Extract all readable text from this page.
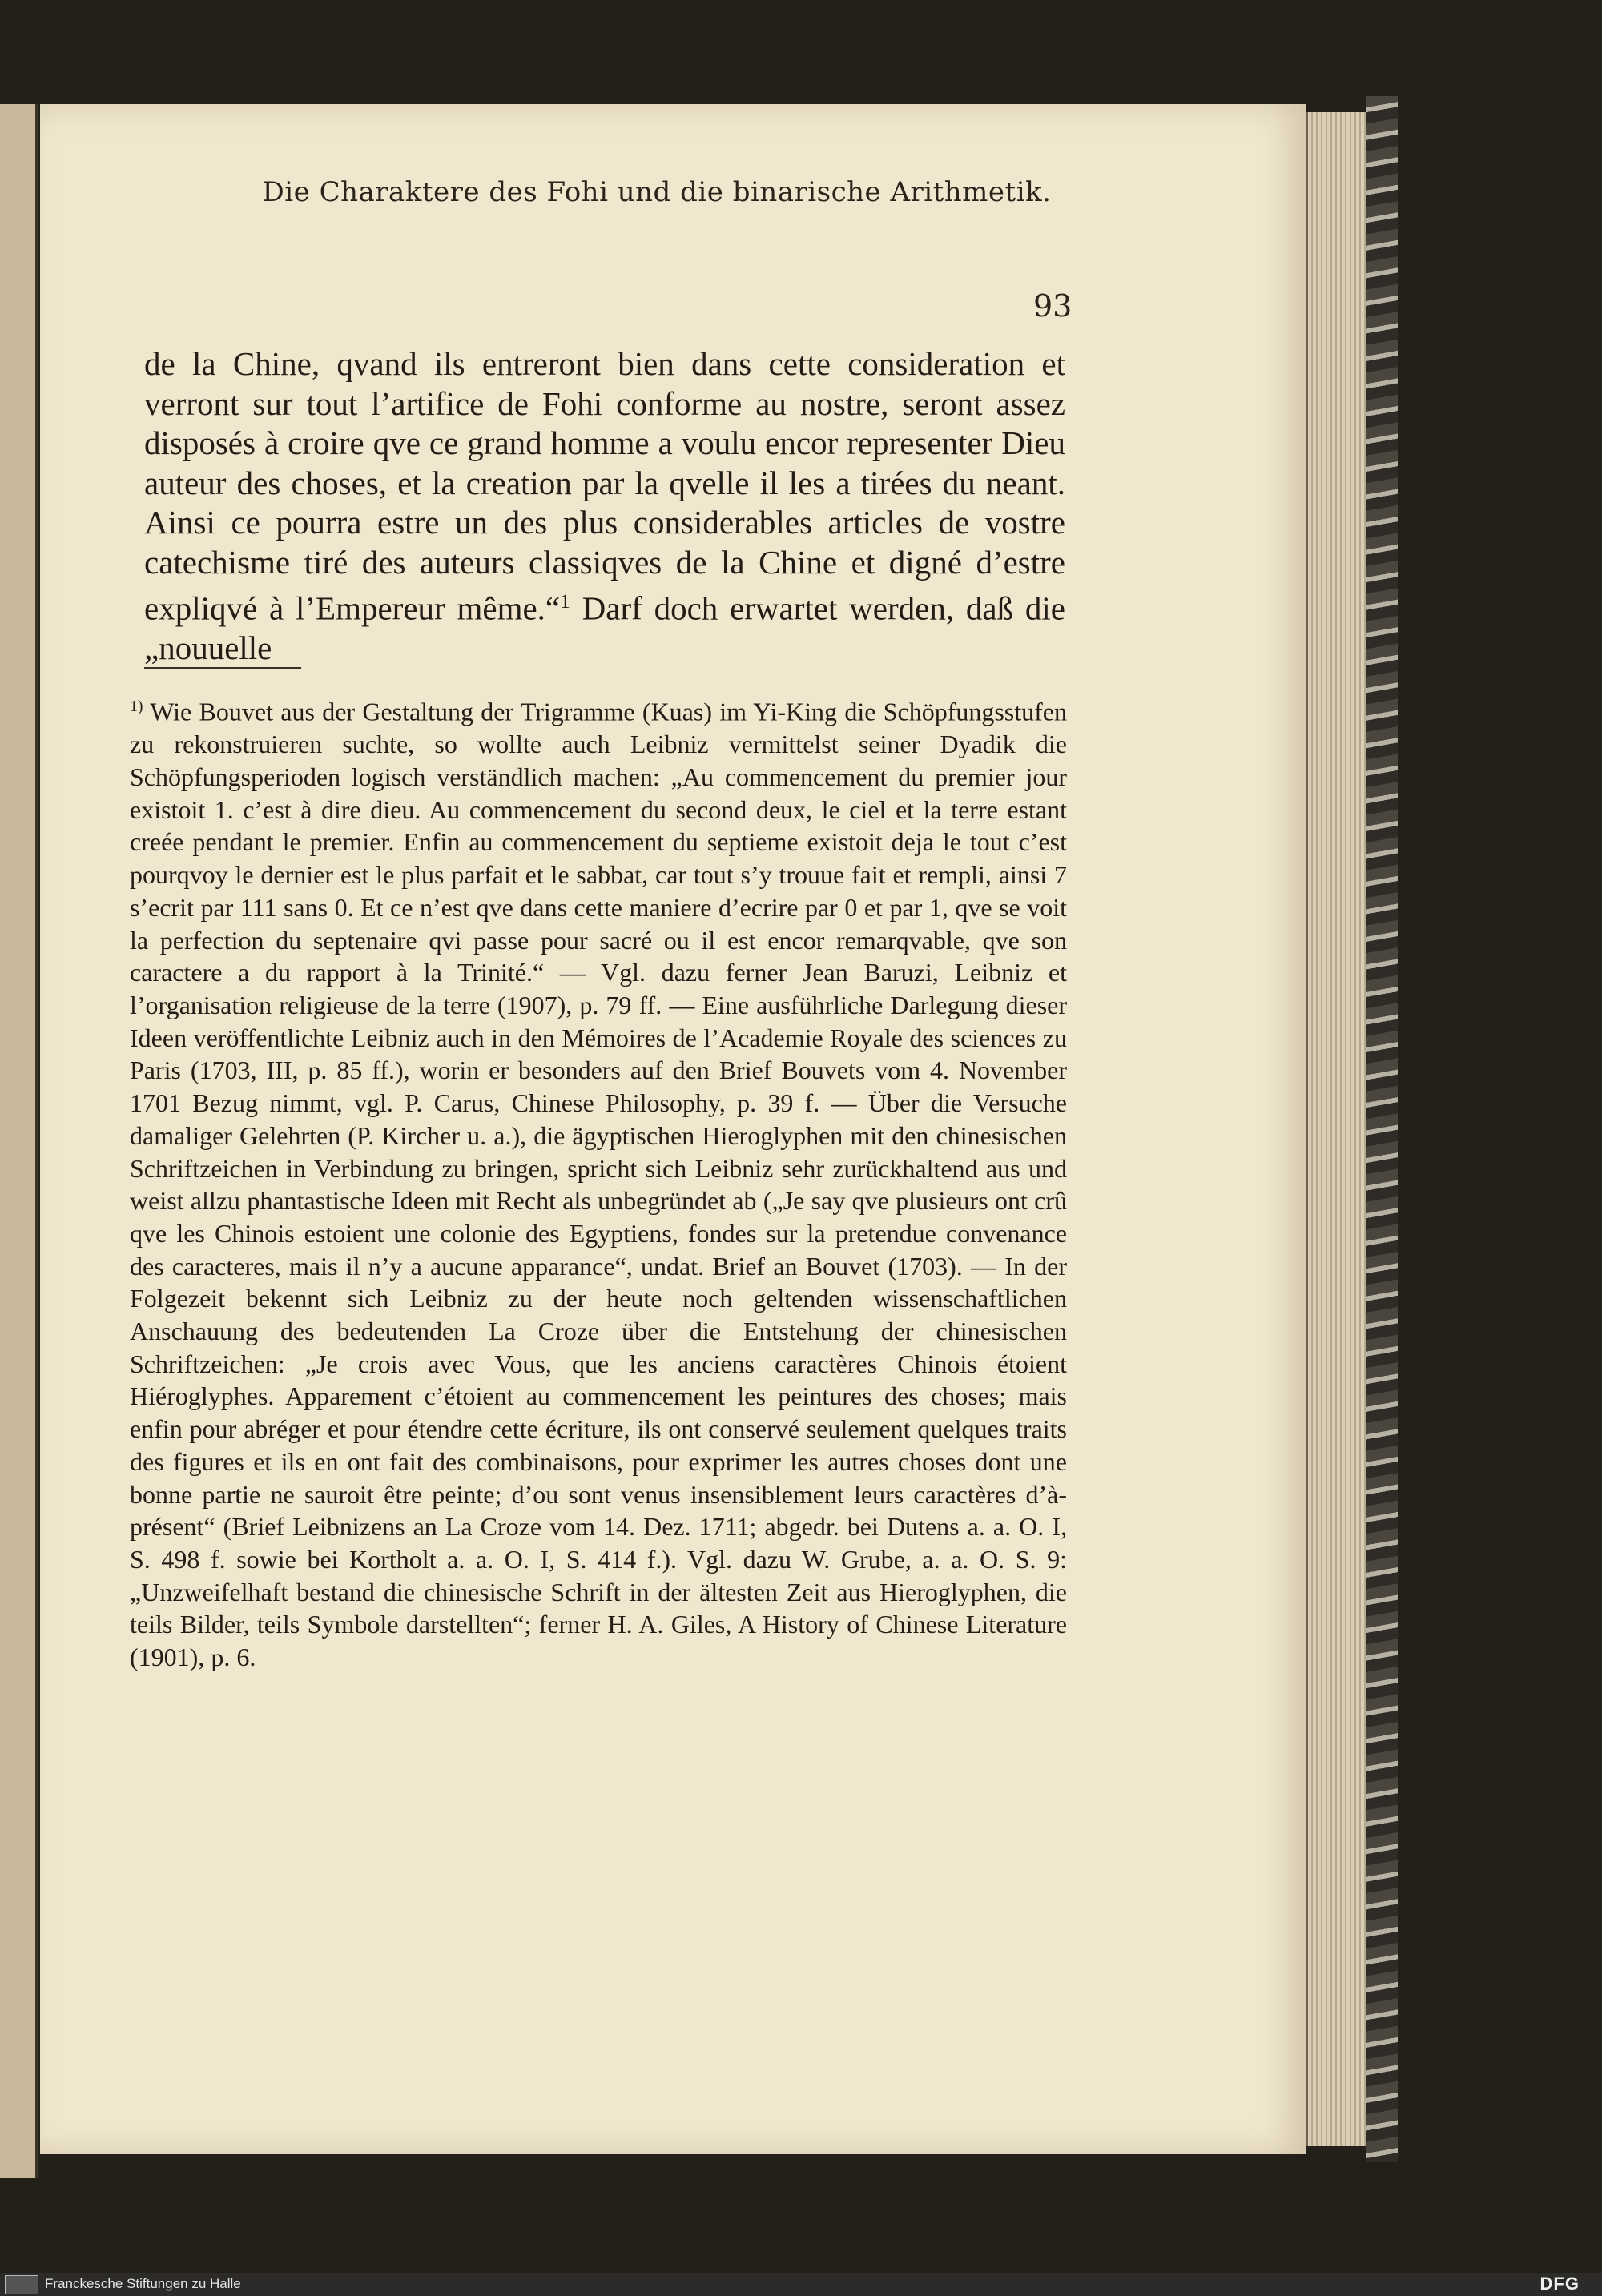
Die Charaktere des Fohi und die binarische Arithmetik.
93

de la Chine, qvand ils entreront bien dans cette consideration et verront sur tout l’artifice de Fohi conforme au nostre, seront assez disposés à croire qve ce grand homme a voulu encor representer Dieu auteur des choses, et la creation par la qvelle il les a tirées du neant. Ainsi ce pourra estre un des plus considerables articles de vostre catechisme tiré des auteurs classiqves de la Chine et digné d’estre expliqvé à l’Empereur même.“$^1$ Darf doch erwartet werden, daß die „nouuelle

$^{1)}$ Wie Bouvet aus der Gestaltung der Trigramme (Kuas) im Yi-King die Schöpfungsstufen zu rekonstruieren suchte, so wollte auch Leibniz vermittelst seiner Dyadik die Schöpfungsperioden logisch verständlich machen: „Au commencement du premier jour existoit 1. c’est à dire dieu. Au commencement du second deux, le ciel et la terre estant creée pendant le premier. Enfin au commencement du septieme existoit deja le tout c’est pourqvoy le dernier est le plus parfait et le sabbat, car tout s’y trouue fait et rempli, ainsi 7 s’ecrit par 111 sans 0. Et ce n’est qve dans cette maniere d’ecrire par 0 et par 1, qve se voit la perfection du septenaire qvi passe pour sacré ou il est encor remarqvable, qve son caractere a du rapport à la Trinité.“ — Vgl. dazu ferner Jean Baruzi, Leibniz et l’organisation religieuse de la terre (1907), p. 79 ff. — Eine ausführliche Darlegung dieser Ideen veröffentlichte Leibniz auch in den Mémoires de l’Academie Royale des sciences zu Paris (1703, III, p. 85 ff.), worin er besonders auf den Brief Bouvets vom 4. November 1701 Bezug nimmt, vgl. P. Carus, Chinese Philosophy, p. 39 f. — Über die Versuche damaliger Gelehrten (P. Kircher u. a.), die ägyptischen Hieroglyphen mit den chinesischen Schriftzeichen in Verbindung zu bringen, spricht sich Leibniz sehr zurückhaltend aus und weist allzu phantastische Ideen mit Recht als unbegründet ab („Je say qve plusieurs ont crû qve les Chinois estoient une colonie des Egyptiens, fondes sur la pretendue convenance des caracteres, mais il n’y a aucune apparance“, undat. Brief an Bouvet (1703). — In der Folgezeit bekennt sich Leibniz zu der heute noch geltenden wissenschaftlichen Anschauung des bedeutenden La Croze über die Entstehung der chinesischen Schriftzeichen: „Je crois avec Vous, que les anciens caractères Chinois étoient Hiéroglyphes. Apparement c’étoient au commencement les peintures des choses; mais enfin pour abréger et pour étendre cette écriture, ils ont conservé seulement quelques traits des figures et ils en ont fait des combinaisons, pour exprimer les autres choses dont une bonne partie ne sauroit être peinte; d’ou sont venus insensiblement leurs caractères d’à-présent“ (Brief Leibnizens an La Croze vom 14. Dez. 1711; abgedr. bei Dutens a. a. O. I, S. 498 f. sowie bei Kortholt a. a. O. I, S. 414 f.). Vgl. dazu W. Grube, a. a. O. S. 9: „Unzweifelhaft bestand die chinesische Schrift in der ältesten Zeit aus Hieroglyphen, die teils Bilder, teils Symbole darstellten“; ferner H. A. Giles, A History of Chinese Literature (1901), p. 6.

Franckesche Stiftungen zu Halle	DFG
